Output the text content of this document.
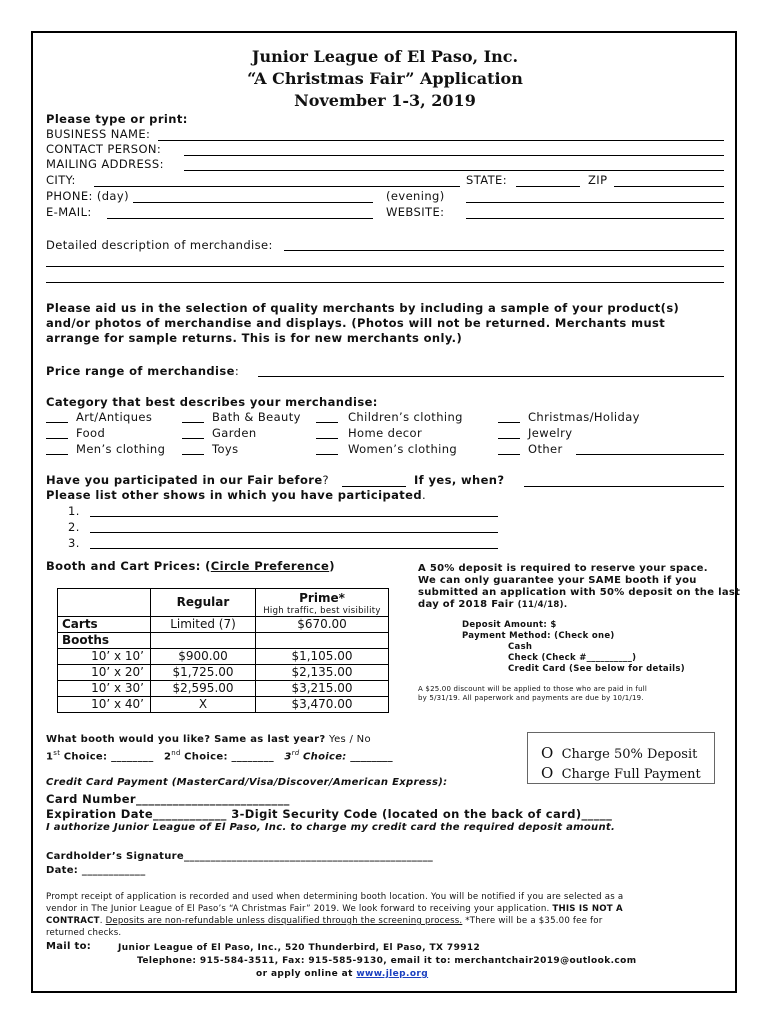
Junior League of El Paso, Inc.
“A Christmas Fair” Application
November 1-3, 2019
Please type or print:
BUSINESS NAME:
CONTACT PERSON:
MAILING ADDRESS:
CITY:	STATE:	ZIP
PHONE: (day)	(evening)
E-MAIL:	WEBSITE:
Detailed description of merchandise:
Please aid us in the selection of quality merchants by including a sample of your product(s)
and/or photos of merchandise and displays. (Photos will not be returned. Merchants must
arrange for sample returns. This is for new merchants only.)
Price range of merchandise:
Category that best describes your merchandise:
Art/Antiques	Bath & Beauty	Children’s clothing	Christmas/Holiday
Food	Garden	Home decor	Jewelry
Men’s clothing	Toys	Women’s clothing	Other
Have you participated in our Fair before?	If yes, when?
Please list other shows in which you have participated.
1.
2.
3.
Booth and Cart Prices: (Circle Preference)
	Regular	Prime*
High traffic, best visibility

Carts	Limited (7)	$670.00
Booths		
10’ x 10’	$900.00	$1,105.00
10’ x 20’	$1,725.00	$2,135.00
10’ x 30’	$2,595.00	$3,215.00
10’ x 40’	X	$3,470.00
A 50% deposit is required to reserve your space.
We can only guarantee your SAME booth if you
submitted an application with 50% deposit on the last
day of 2018 Fair (11/4/18).
Deposit Amount: $
Payment Method: (Check one)
Cash
Check (Check #__________)
Credit Card (See below for details)
A $25.00 discount will be applied to those who are paid in full
by 5/31/19. All paperwork and payments are due by 10/1/19.
What booth would you like? Same as last year? Yes / No
1st Choice: ________ 2nd Choice: ________ 3rd Choice: ________	O Charge 50% Deposit
O Charge Full Payment
Credit Card Payment (MasterCard/Visa/Discover/American Express):
Card Number_________________________
Expiration Date____________ 3-Digit Security Code (located on the back of card)_____
I authorize Junior League of El Paso, Inc. to charge my credit card the required deposit amount.
Cardholder’s Signature_______________________________________________
Date: ____________
Prompt receipt of application is recorded and used when determining booth location. You will be notified if you are selected as a
vendor in The Junior League of El Paso’s “A Christmas Fair” 2019. We look forward to receiving your application. THIS IS NOT A
CONTRACT. Deposits are non-refundable unless disqualified through the screening process. *There will be a $35.00 fee for
returned checks.
Mail to:	Junior League of El Paso, Inc., 520 Thunderbird, El Paso, TX 79912
Telephone: 915-584-3511, Fax: 915-585-9130, email it to: merchantchair2019@outlook.com
or apply online at www.jlep.org
